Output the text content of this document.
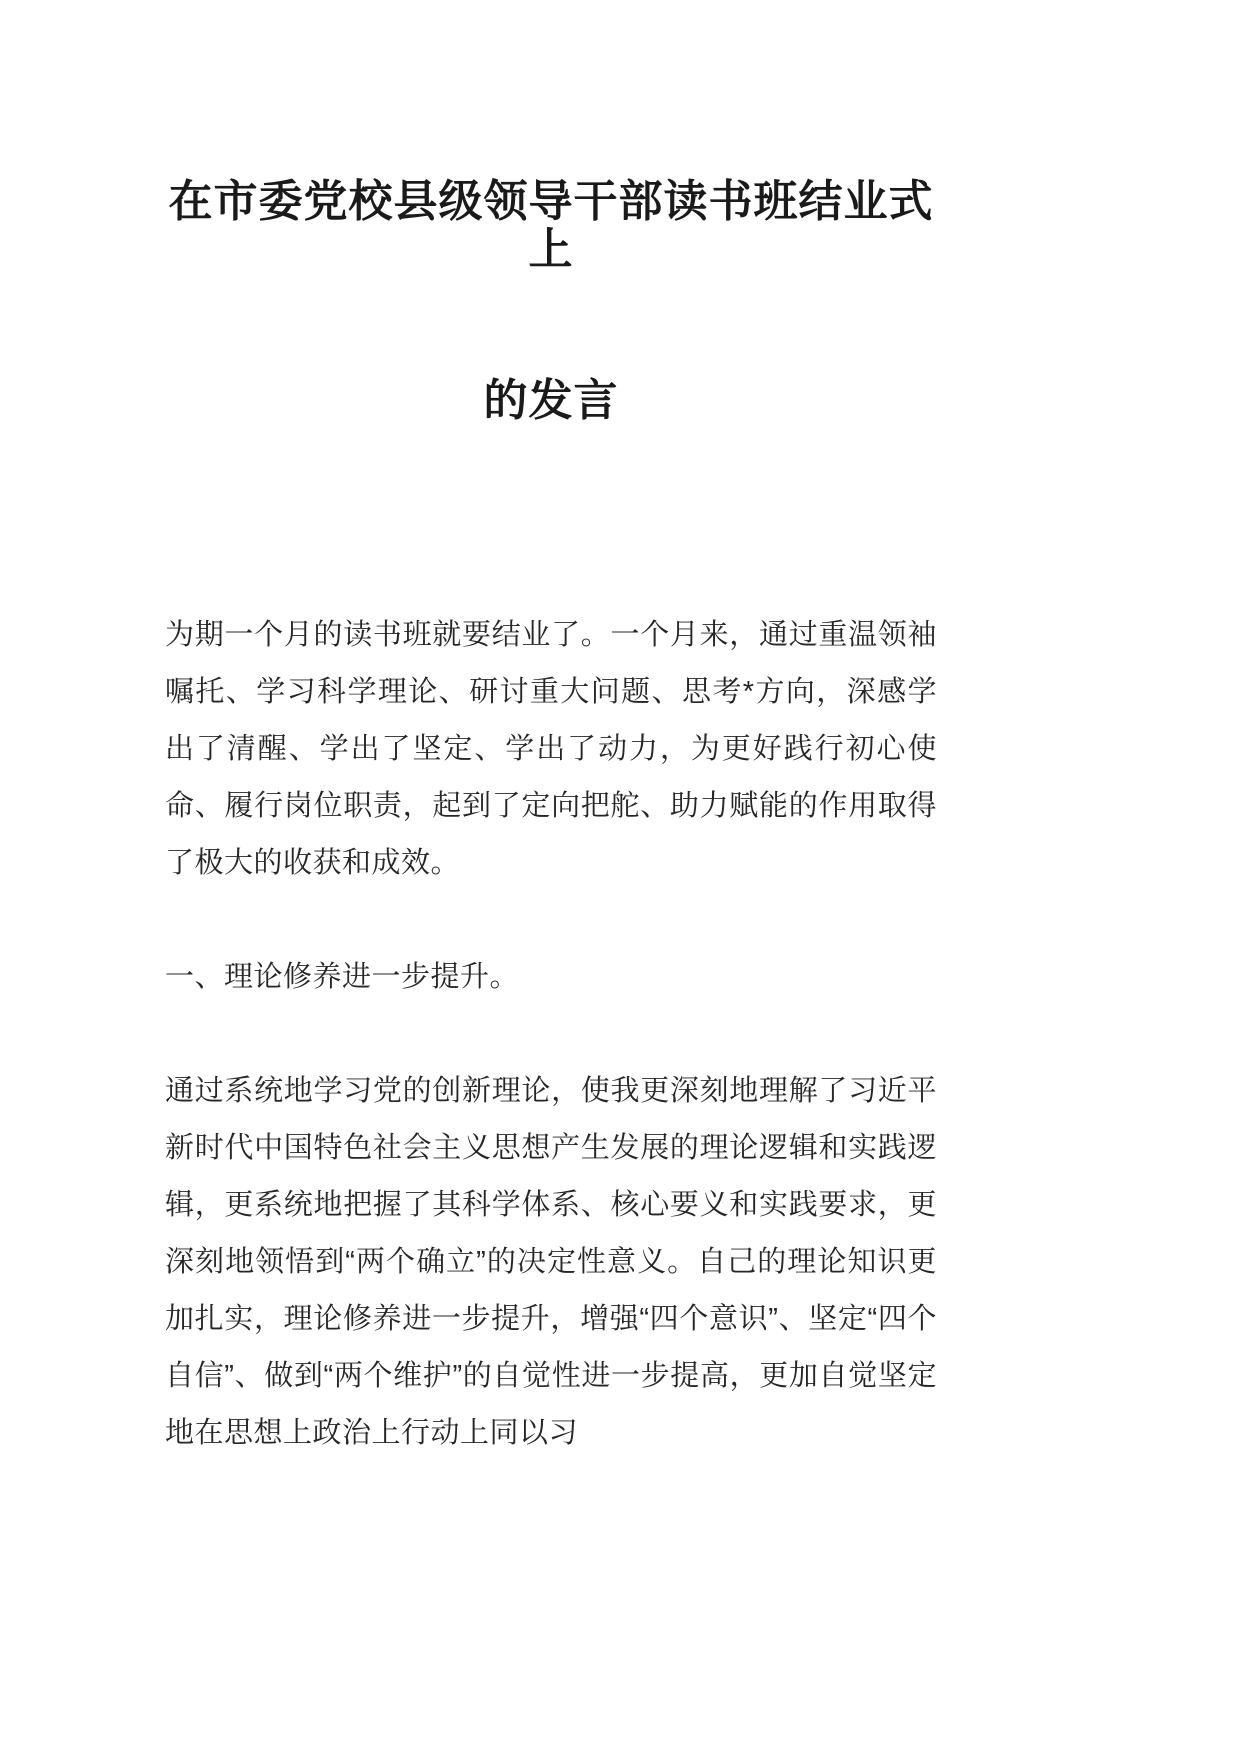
在市委党校县级领导干部读书班结业式上
的发言

为期一个月的读书班就要结业了。一个月来，通过重温领袖嘱托、学习科学理论、研讨重大问题、思考*方向，深感学出了清醒、学出了坚定、学出了动力，为更好践行初心使命、履行岗位职责，起到了定向把舵、助力赋能的作用取得了极大的收获和成效。

一、理论修养进一步提升。

通过系统地学习党的创新理论，使我更深刻地理解了习近平新时代中国特色社会主义思想产生发展的理论逻辑和实践逻辑，更系统地把握了其科学体系、核心要义和实践要求，更深刻地领悟到“两个确立”的决定性意义。自己的理论知识更加扎实，理论修养进一步提升，增强“四个意识”、坚定“四个自信”、做到“两个维护”的自觉性进一步提高，更加自觉坚定地在思想上政治上行动上同以习
